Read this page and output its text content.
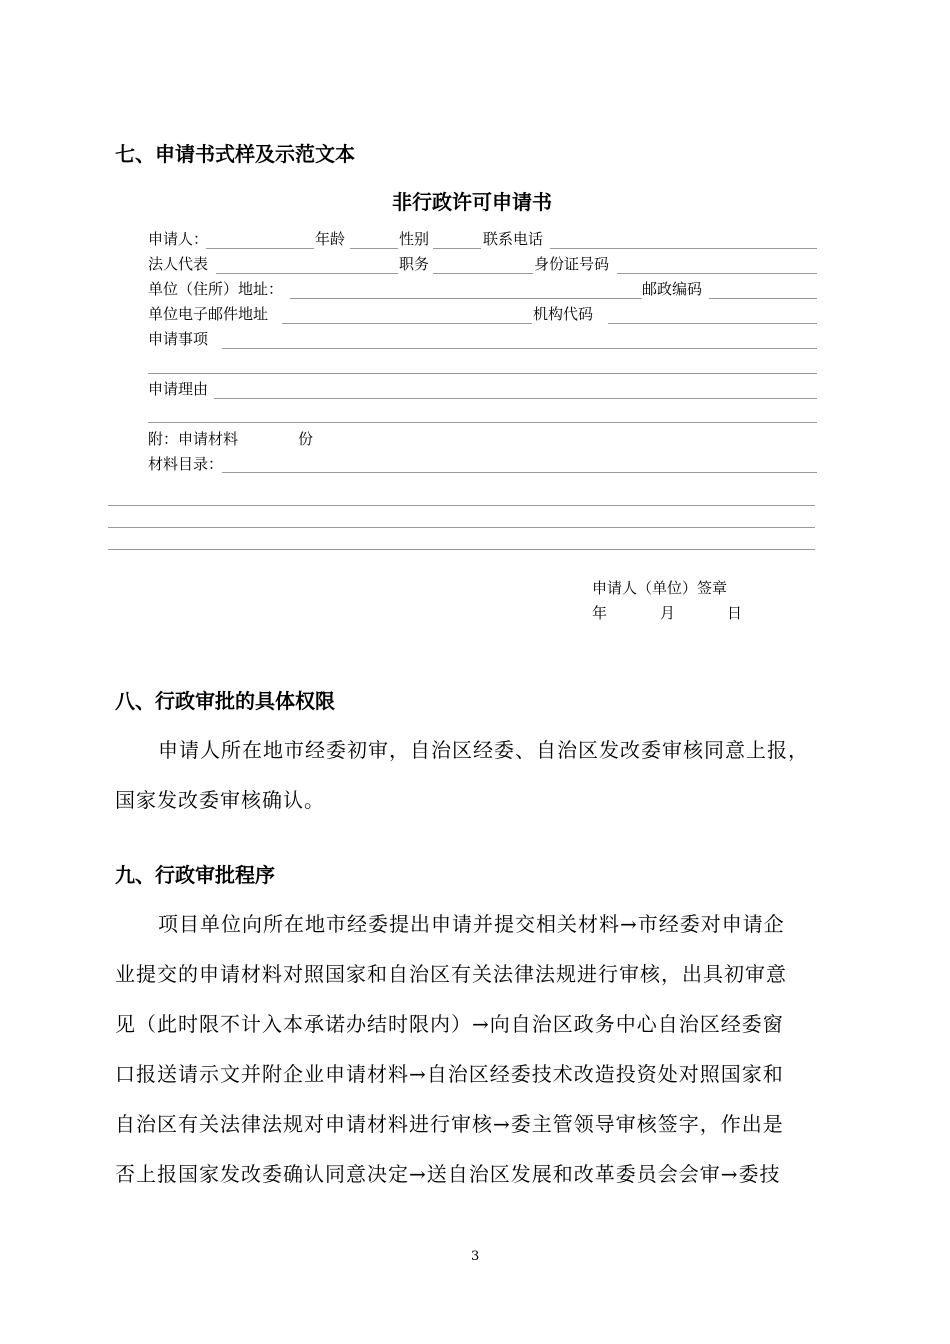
七、申请书式样及示范文本
非行政许可申请书
申请人：	年龄	性别	联系电话
法人代表	职务	身份证号码
单位（住所）地址：	邮政编码
单位电子邮件地址	机构代码
申请事项
申请理由
附：申请材料	份
材料目录：
申请人（单位）签章
年	月	日
八、行政审批的具体权限
申请人所在地市经委初审，自治区经委、自治区发改委审核同意上报，
国家发改委审核确认。
九、行政审批程序
项目单位向所在地市经委提出申请并提交相关材料→市经委对申请企
业提交的申请材料对照国家和自治区有关法律法规进行审核，出具初审意
见（此时限不计入本承诺办结时限内）→向自治区政务中心自治区经委窗
口报送请示文并附企业申请材料→自治区经委技术改造投资处对照国家和
自治区有关法律法规对申请材料进行审核→委主管领导审核签字，作出是
否上报国家发改委确认同意决定→送自治区发展和改革委员会会审→委技
3
